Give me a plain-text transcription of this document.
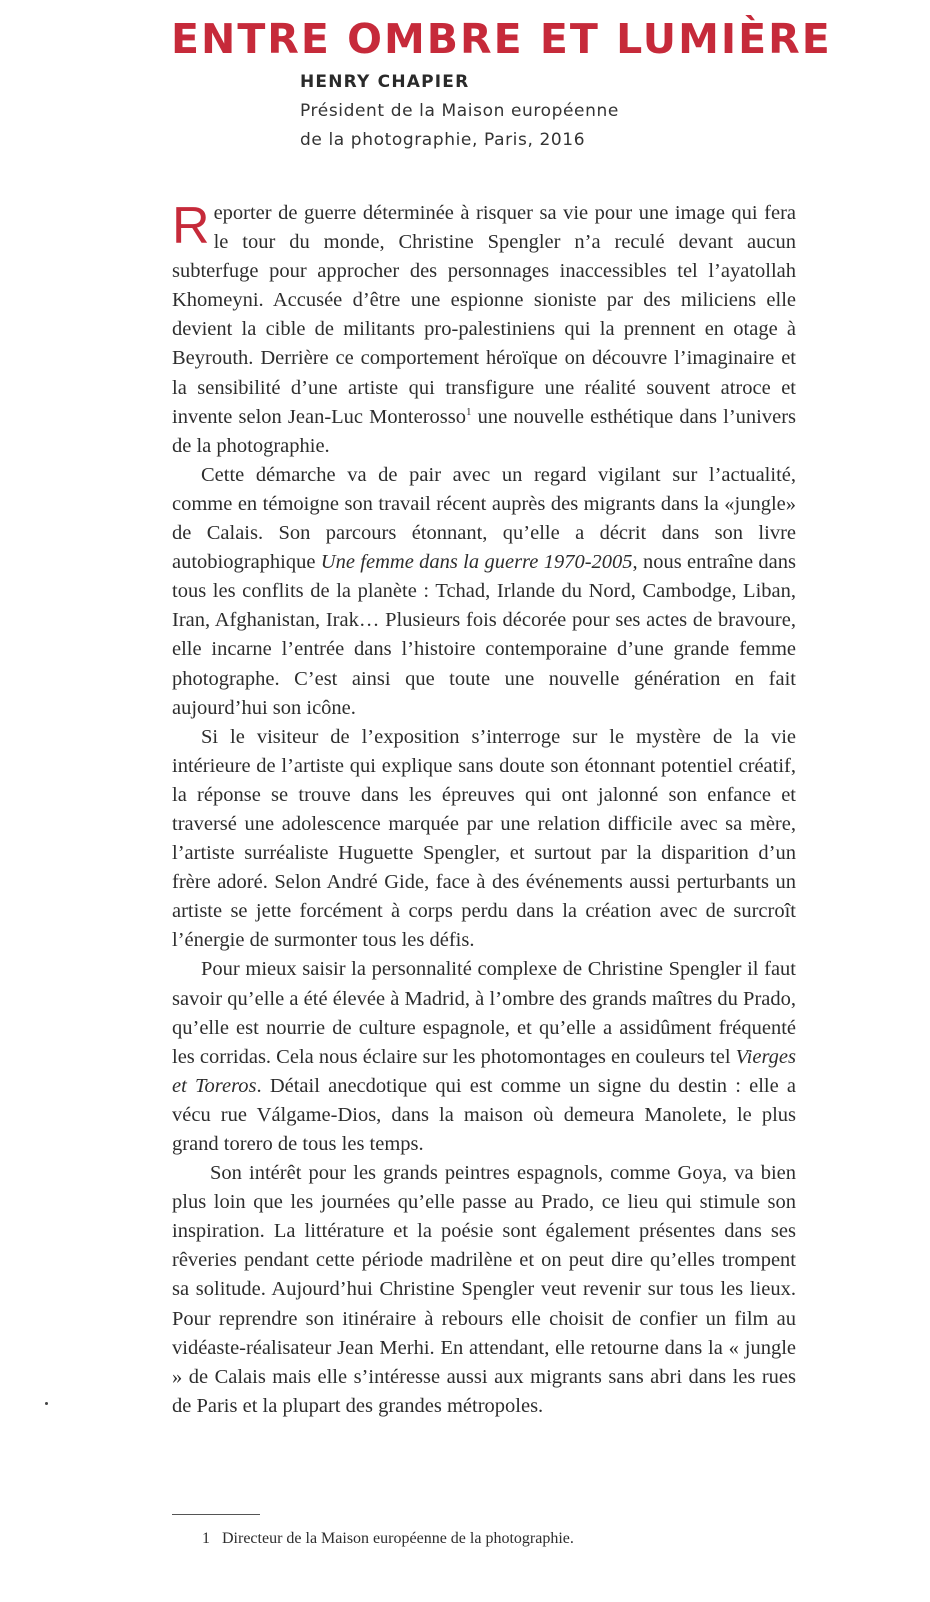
ENTRE OMBRE ET LUMIÈRE
HENRY CHAPIER
Président de la Maison européenne
de la photographie, Paris, 2016

Reporter de guerre déterminée à risquer sa vie pour une image qui fera le tour du monde, Christine Spengler n’a reculé devant aucun subterfuge pour approcher des personnages inaccessibles tel l’ayatollah Khomeyni. Accusée d’être une espionne sioniste par des miliciens elle devient la cible de militants pro-palestiniens qui la prennent en otage à Beyrouth. Derrière ce comportement héroïque on découvre l’imaginaire et la sensibilité d’une artiste qui transfigure une réalité souvent atroce et invente selon Jean-Luc Monterosso$^1$ une nouvelle esthétique dans l’univers de la photographie.

Cette démarche va de pair avec un regard vigilant sur l’actualité, comme en témoigne son travail récent auprès des migrants dans la «jungle» de Calais. Son parcours étonnant, qu’elle a décrit dans son livre autobiographique Une femme dans la guerre 1970-2005, nous entraîne dans tous les conflits de la planète : Tchad, Irlande du Nord, Cambodge, Liban, Iran, Afghanistan, Irak… Plusieurs fois décorée pour ses actes de bravoure, elle incarne l’entrée dans l’histoire contemporaine d’une grande femme photographe. C’est ainsi que toute une nouvelle génération en fait aujourd’hui son icône.

Si le visiteur de l’exposition s’interroge sur le mystère de la vie intérieure de l’artiste qui explique sans doute son étonnant potentiel créatif, la réponse se trouve dans les épreuves qui ont jalonné son enfance et traversé une adolescence marquée par une relation difficile avec sa mère, l’artiste surréaliste Huguette Spengler, et surtout par la disparition d’un frère adoré. Selon André Gide, face à des événements aussi perturbants un artiste se jette forcément à corps perdu dans la création avec de surcroît l’énergie de surmonter tous les défis.

Pour mieux saisir la personnalité complexe de Christine Spengler il faut savoir qu’elle a été élevée à Madrid, à l’ombre des grands maîtres du Prado, qu’elle est nourrie de culture espagnole, et qu’elle a assidûment fréquenté les corridas. Cela nous éclaire sur les photomontages en couleurs tel Vierges et Toreros. Détail anecdotique qui est comme un signe du destin : elle a vécu rue Válgame-Dios, dans la maison où demeura Manolete, le plus grand torero de tous les temps.

Son intérêt pour les grands peintres espagnols, comme Goya, va bien plus loin que les journées qu’elle passe au Prado, ce lieu qui stimule son inspiration. La littérature et la poésie sont également présentes dans ses rêveries pendant cette période madrilène et on peut dire qu’elles trompent sa solitude. Aujourd’hui Christine Spengler veut revenir sur tous les lieux. Pour reprendre son itinéraire à rebours elle choisit de confier un film au vidéaste-réalisateur Jean Merhi. En attendant, elle retourne dans la « jungle » de Calais mais elle s’intéresse aussi aux migrants sans abri dans les rues de Paris et la plupart des grandes métropoles.

1 Directeur de la Maison européenne de la photographie.
